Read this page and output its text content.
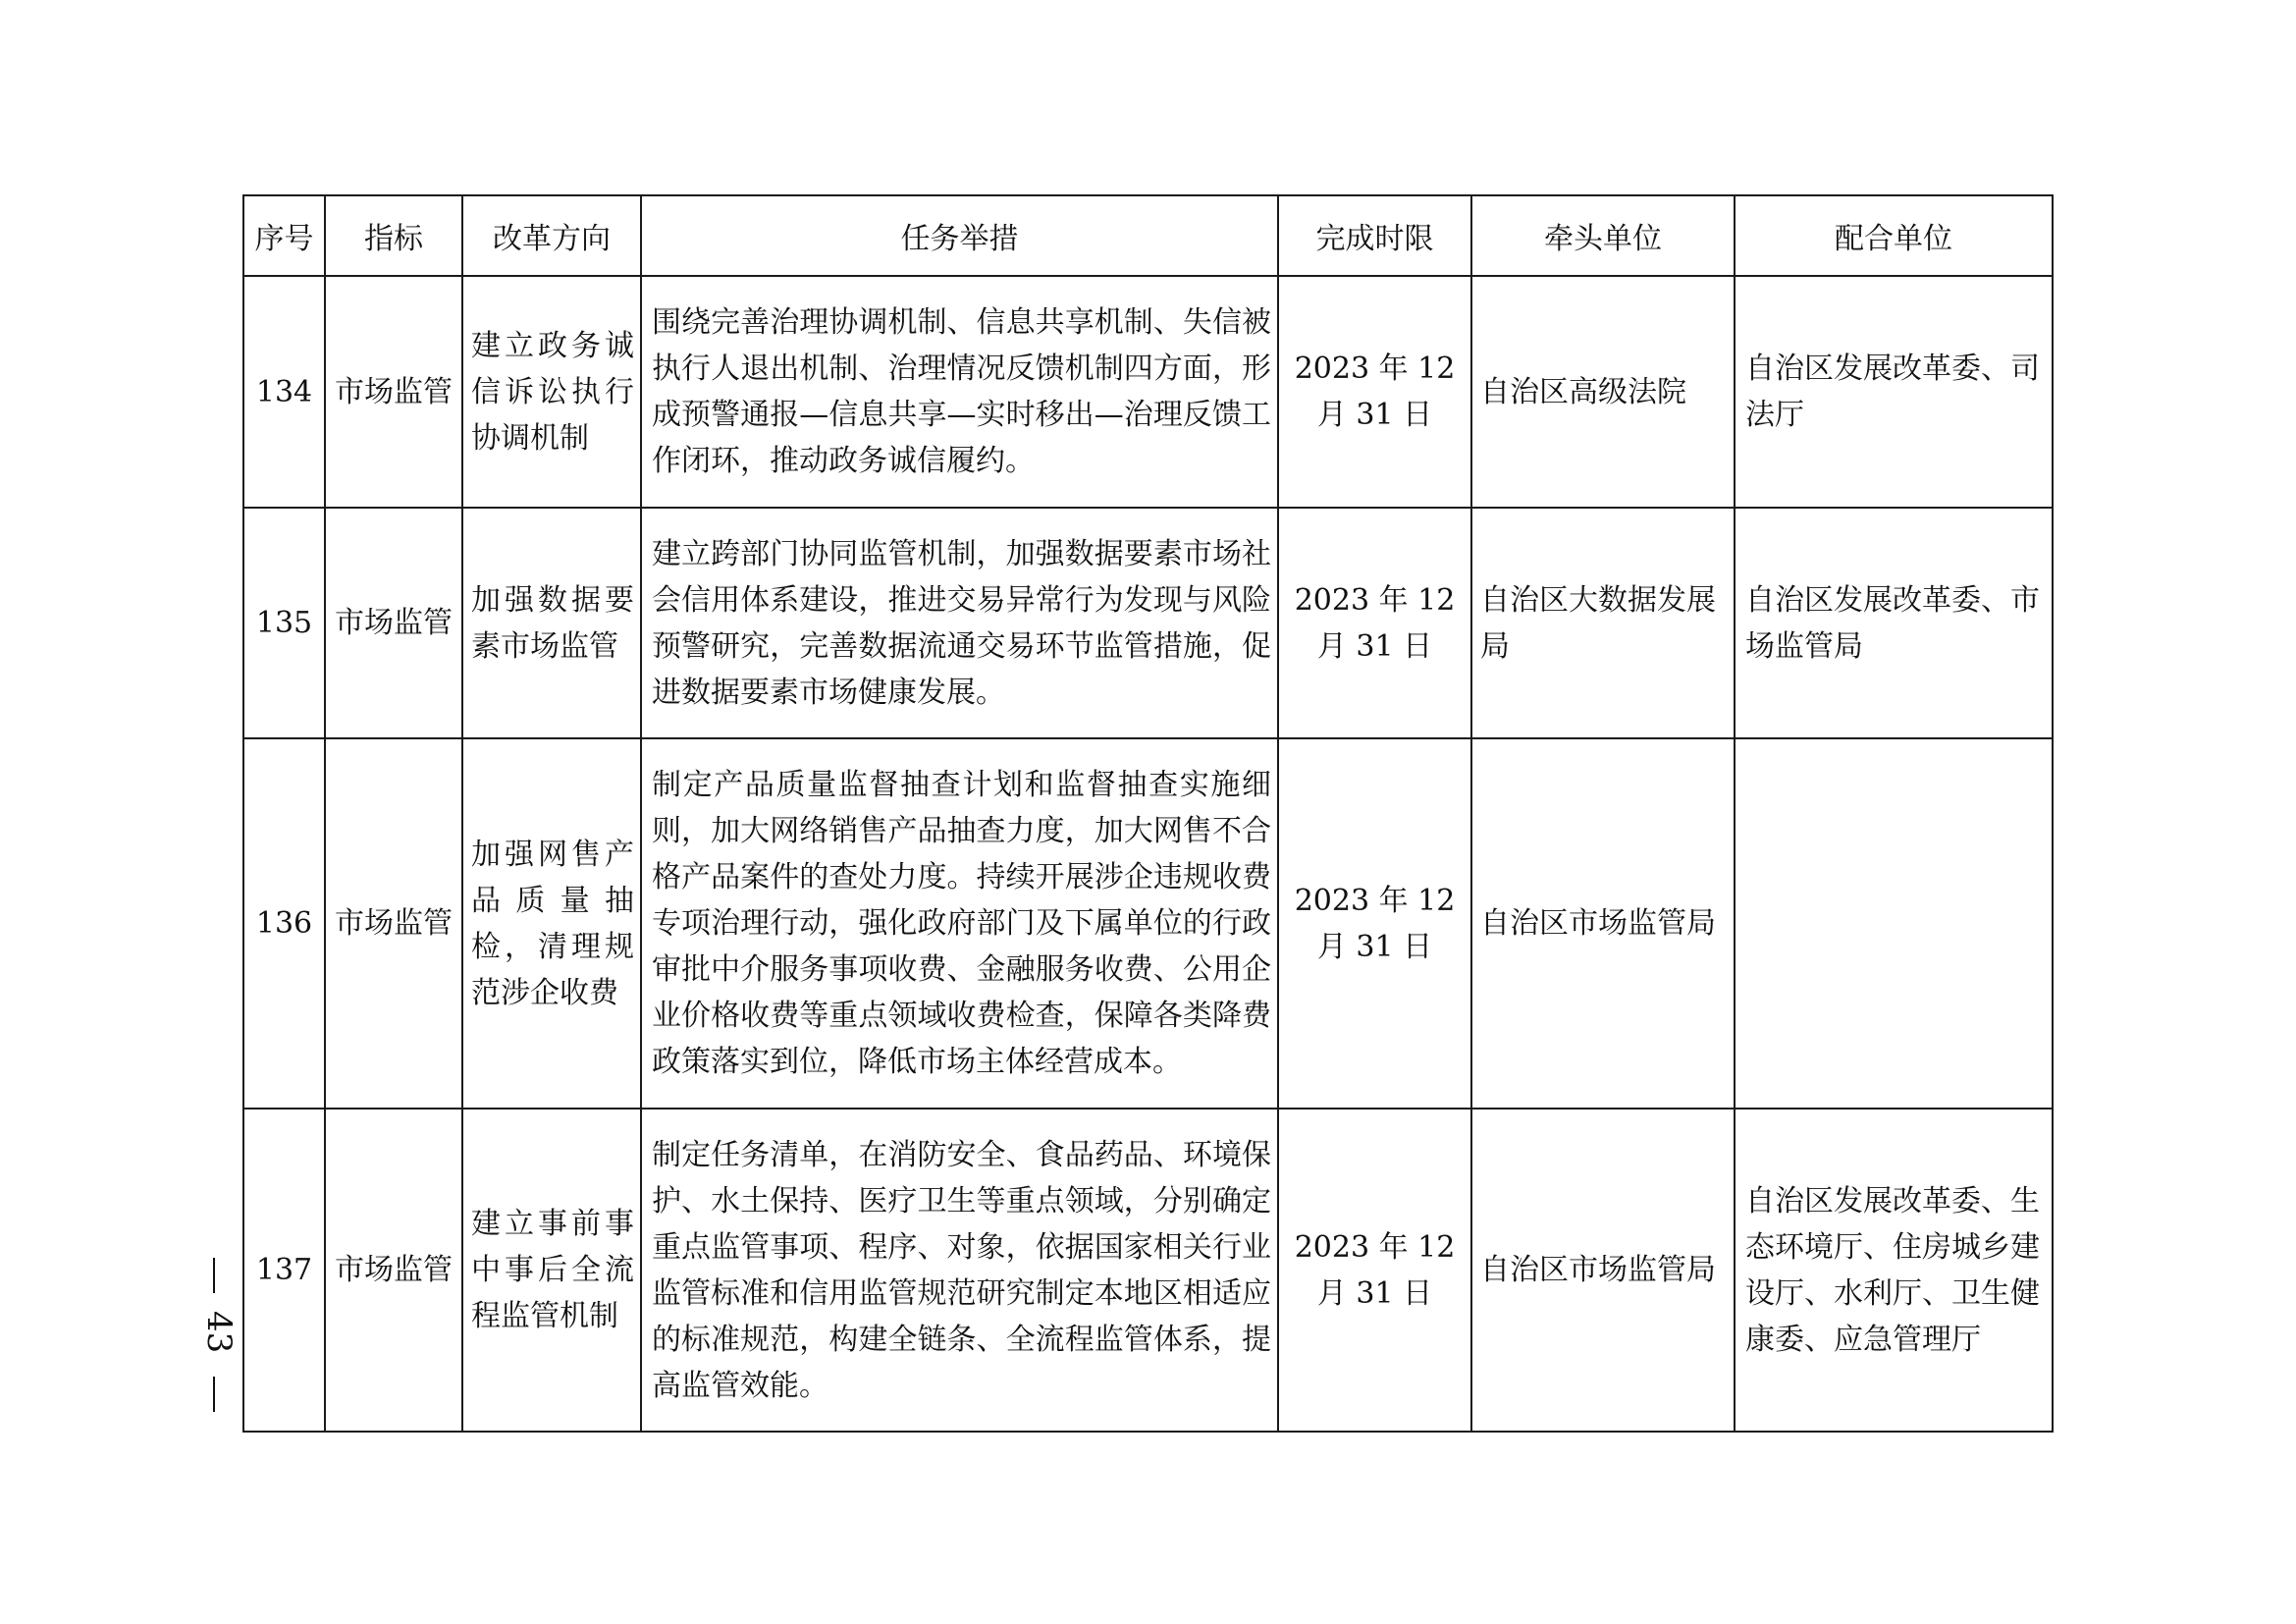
序号	指标	改革方向	任务举措	完成时限	牵头单位	配合单位
134	市场监管	建立政务诚信诉讼执行协调机制	围绕完善治理协调机制、信息共享机制、失信被执行人退出机制、治理情况反馈机制四方面，形成预警通报—信息共享—实时移出—治理反馈工作闭环，推动政务诚信履约。	2023 年 12 月 31 日	自治区高级法院	自治区发展改革委、司法厅
135	市场监管	加强数据要素市场监管	建立跨部门协同监管机制，加强数据要素市场社会信用体系建设，推进交易异常行为发现与风险预警研究，完善数据流通交易环节监管措施，促进数据要素市场健康发展。	2023 年 12 月 31 日	自治区大数据发展局	自治区发展改革委、市场监管局
136	市场监管	加强网售产品质量抽检，清理规范涉企收费	制定产品质量监督抽查计划和监督抽查实施细则，加大网络销售产品抽查力度，加大网售不合格产品案件的查处力度。持续开展涉企违规收费专项治理行动，强化政府部门及下属单位的行政审批中介服务事项收费、金融服务收费、公用企业价格收费等重点领域收费检查，保障各类降费政策落实到位，降低市场主体经营成本。	2023 年 12 月 31 日	自治区市场监管局	
137	市场监管	建立事前事中事后全流程监管机制	制定任务清单，在消防安全、食品药品、环境保护、水土保持、医疗卫生等重点领域，分别确定重点监管事项、程序、对象，依据国家相关行业监管标准和信用监管规范研究制定本地区相适应的标准规范，构建全链条、全流程监管体系，提高监管效能。	2023 年 12 月 31 日	自治区市场监管局	自治区发展改革委、生态环境厅、住房城乡建设厅、水利厅、卫生健康委、应急管理厅
43
